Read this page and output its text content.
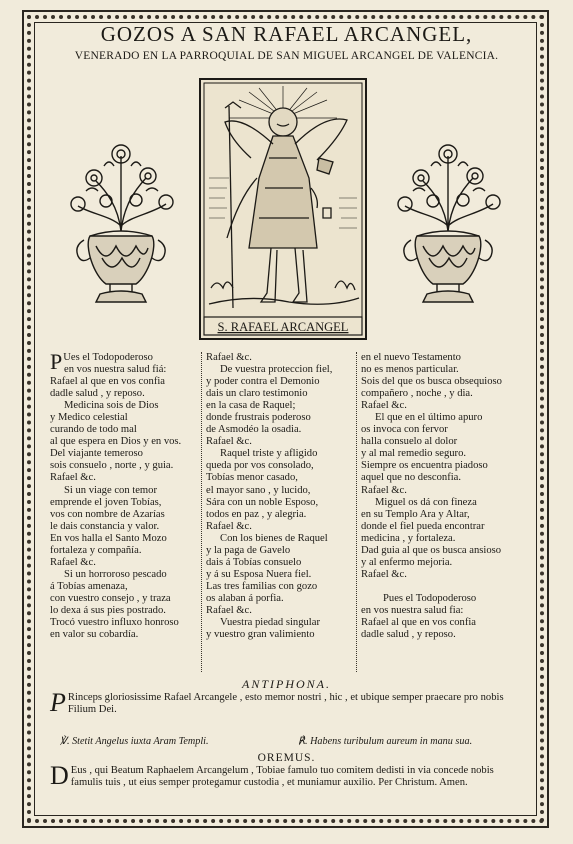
GOZOS A SAN RAFAEL ARCANGEL,
VENERADO EN LA PARROQUIAL DE SAN MIGUEL ARCANGEL DE VALENCIA.
S. RAFAEL ARCANGEL
P Ues el Todopoderoso
en vos nuestra salud fiá:
Rafael al que en vos confia
dadle salud , y reposo.
Medicina sois de Dios
y Medico celestial
curando de todo mal
al que espera en Dios y en vos.
Del viajante temeroso
sois consuelo , norte , y guia.
Rafael &c.
Si un viage con temor
emprende el joven Tobías,
vos con nombre de Azarías
le dais constancia y valor.
En vos halla el Santo Mozo
fortaleza y compañía.
Rafael &c.
Si un horroroso pescado
á Tobías amenaza,
con vuestro consejo , y traza
lo dexa á sus pies postrado.
Trocó vuestro influxo honroso
en valor su cobardía.
Rafael &c.
De vuestra proteccion fiel,
y poder contra el Demonio
dais un claro testimonio
en la casa de Raquel;
donde frustrais poderoso
de Asmodéo la osadia.
Rafael &c.
Raquel triste y afligido
queda por vos consolado,
Tobías menor casado,
el mayor sano , y lucido,
Sára con un noble Esposo,
todos en paz , y alegria.
Rafael &c.
Con los bienes de Raquel
y la paga de Gavelo
dais á Tobías consuelo
y á su Esposa Nuera fiel.
Las tres familias con gozo
os alaban á porfia.
Rafael &c.
Vuestra piedad singular
y vuestro gran valimiento
en el nuevo Testamento
no es menos particular.
Sois del que os busca obsequioso
compañero , noche , y dia.
Rafael &c.
El que en el último apuro
os invoca con fervor
halla consuelo al dolor
y al mal remedio seguro.
Siempre os encuentra piadoso
aquel que no desconfia.
Rafael &c.
Miguel os dá con fineza
en su Templo Ara y Altar,
donde el fiel pueda encontrar
medicina , y fortaleza.
Dad guia al que os busca ansioso
y al enfermo mejoria.
Rafael &c.
Pues el Todopoderoso
en vos nuestra salud fia:
Rafael al que en vos confia
dadle salud , y reposo.
ANTIPHONA.
P Rinceps gloriosissime Rafael Arcangele , esto memor nostri , hic , et ubique semper praecare pro nobis Filium Dei.
℣. Stetit Angelus iuxta Aram Templi.	℟. Habens turibulum aureum in manu sua.
OREMUS.
D Eus , qui Beatum Raphaelem Arcangelum , Tobiae famulo tuo comitem dedisti in via concede nobis famulis tuis , ut eius semper protegamur custodia , et muniamur auxilio. Per Christum. Amen.
